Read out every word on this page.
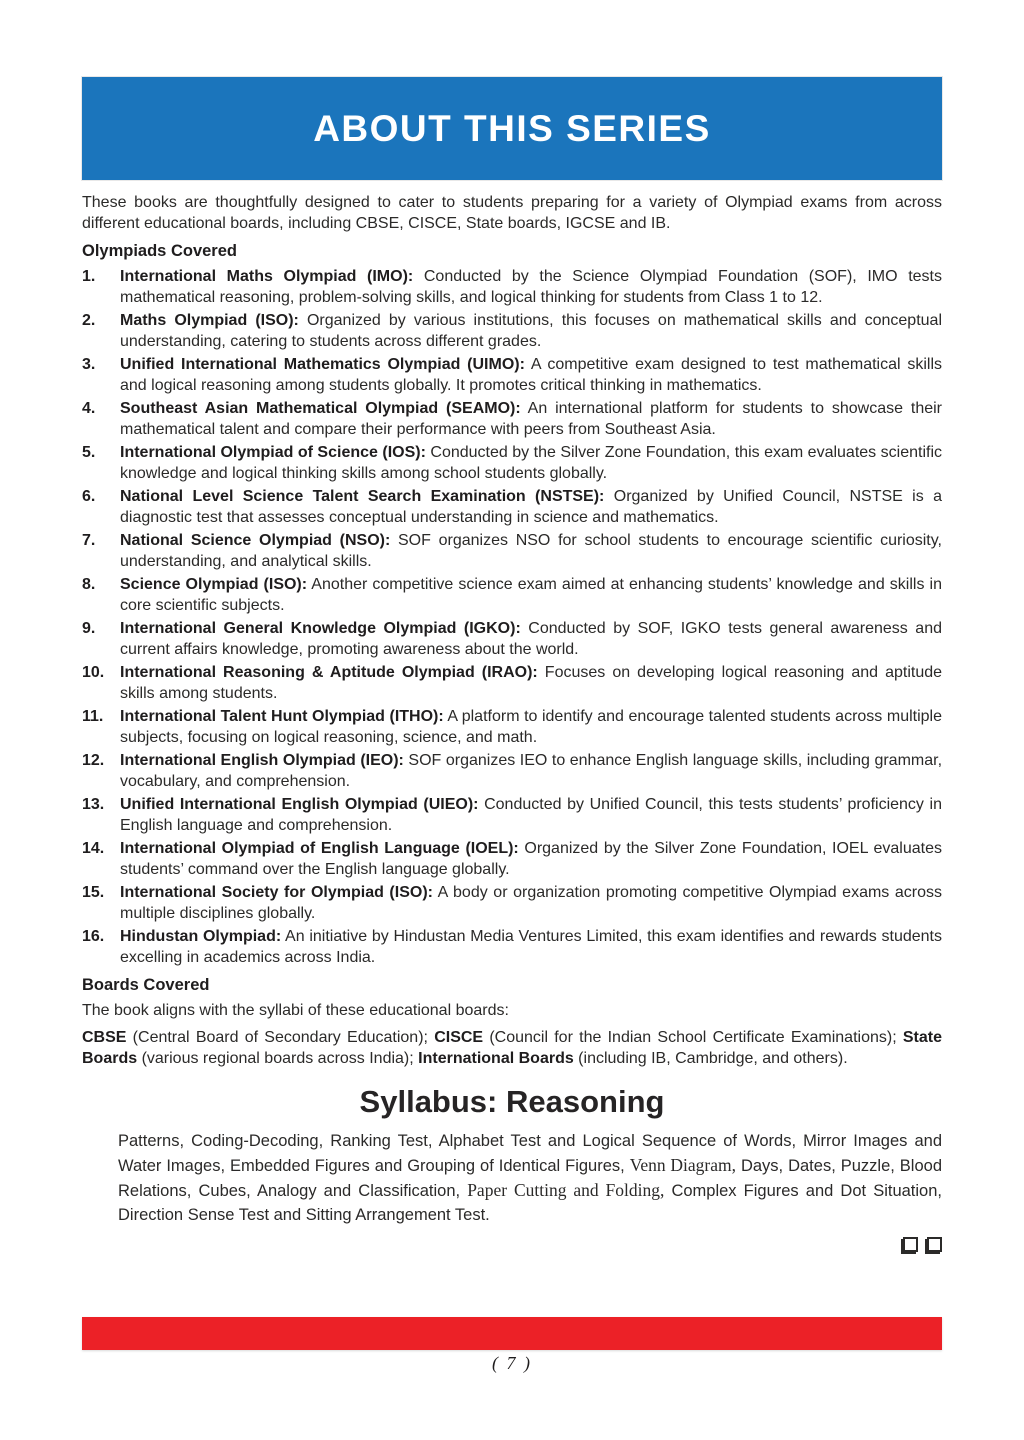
ABOUT THIS SERIES

These books are thoughtfully designed to cater to students preparing for a variety of Olympiad exams from across different educational boards, including CBSE, CISCE, State boards, IGCSE and IB.

Olympiads Covered
1.	International Maths Olympiad (IMO): Conducted by the Science Olympiad Foundation (SOF), IMO tests mathematical reasoning, problem-solving skills, and logical thinking for students from Class 1 to 12.
2.	Maths Olympiad (ISO): Organized by various institutions, this focuses on mathematical skills and conceptual understanding, catering to students across different grades.
3.	Unified International Mathematics Olympiad (UIMO): A competitive exam designed to test mathematical skills and logical reasoning among students globally. It promotes critical thinking in mathematics.
4.	Southeast Asian Mathematical Olympiad (SEAMO): An international platform for students to showcase their mathematical talent and compare their performance with peers from Southeast Asia.
5.	International Olympiad of Science (IOS): Conducted by the Silver Zone Foundation, this exam evaluates scientific knowledge and logical thinking skills among school students globally.
6.	National Level Science Talent Search Examination (NSTSE): Organized by Unified Council, NSTSE is a diagnostic test that assesses conceptual understanding in science and mathematics.
7.	National Science Olympiad (NSO): SOF organizes NSO for school students to encourage scientific curiosity, understanding, and analytical skills.
8.	Science Olympiad (ISO): Another competitive science exam aimed at enhancing students’ knowledge and skills in core scientific subjects.
9.	International General Knowledge Olympiad (IGKO): Conducted by SOF, IGKO tests general awareness and current affairs knowledge, promoting awareness about the world.
10. International Reasoning & Aptitude Olympiad (IRAO): Focuses on developing logical reasoning and aptitude skills among students.
11.	International Talent Hunt Olympiad (ITHO): A platform to identify and encourage talented students across multiple subjects, focusing on logical reasoning, science, and math.
12. International English Olympiad (IEO): SOF organizes IEO to enhance English language skills, including grammar, vocabulary, and comprehension.
13. Unified International English Olympiad (UIEO): Conducted by Unified Council, this tests students’ proficiency in English language and comprehension.
14. International Olympiad of English Language (IOEL): Organized by the Silver Zone Foundation, IOEL evaluates students’ command over the English language globally.
15. International Society for Olympiad (ISO): A body or organization promoting competitive Olympiad exams across multiple disciplines globally.
16. Hindustan Olympiad: An initiative by Hindustan Media Ventures Limited, this exam identifies and rewards students excelling in academics across India.
Boards Covered

The book aligns with the syllabi of these educational boards:

CBSE (Central Board of Secondary Education); CISCE (Council for the Indian School Certificate Examinations); State Boards (various regional boards across India); International Boards (including IB, Cambridge, and others).

Syllabus: Reasoning

Patterns, Coding-Decoding, Ranking Test, Alphabet Test and Logical Sequence of Words, Mirror Images and Water Images, Embedded Figures and Grouping of Identical Figures, Venn Diagram, Days, Dates, Puzzle, Blood Relations, Cubes, Analogy and Classification, Paper Cutting and Folding, Complex Figures and Dot Situation, Direction Sense Test and Sitting Arrangement Test.

( 7 )
